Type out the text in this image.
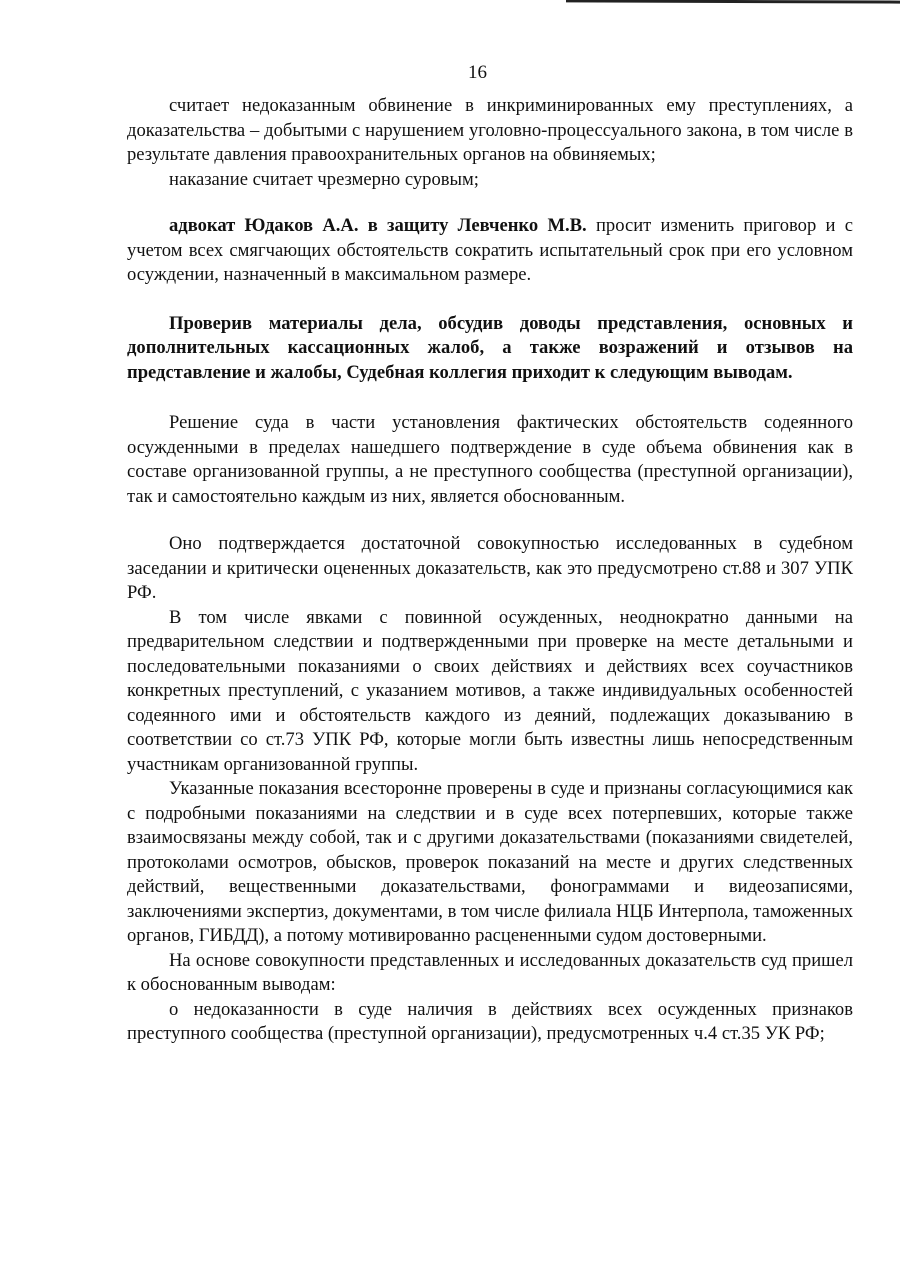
16

считает недоказанным обвинение в инкриминированных ему преступлениях, а доказательства – добытыми с нарушением уголовно-процессуального закона, в том числе в результате давления правоохранительных органов на обвиняемых;

наказание считает чрезмерно суровым;

адвокат Юдаков А.А. в защиту Левченко М.В. просит изменить приговор и с учетом всех смягчающих обстоятельств сократить испытательный срок при его условном осуждении, назначенный в максимальном размере.

Проверив материалы дела, обсудив доводы представления, основных и дополнительных кассационных жалоб, а также возражений и отзывов на представление и жалобы, Судебная коллегия приходит к следующим выводам.

Решение суда в части установления фактических обстоятельств содеянного осужденными в пределах нашедшего подтверждение в суде объема обвинения как в составе организованной группы, а не преступного сообщества (преступной организации), так и самостоятельно каждым из них, является обоснованным.

Оно подтверждается достаточной совокупностью исследованных в судебном заседании и критически оцененных доказательств, как это предусмотрено ст.88 и 307 УПК РФ.

В том числе явками с повинной осужденных, неоднократно данными на предварительном следствии и подтвержденными при проверке на месте детальными и последовательными показаниями о своих действиях и действиях всех соучастников конкретных преступлений, с указанием мотивов, а также индивидуальных особенностей содеянного ими и обстоятельств каждого из деяний, подлежащих доказыванию в соответствии со ст.73 УПК РФ, которые могли быть известны лишь непосредственным участникам организованной группы.

Указанные показания всесторонне проверены в суде и признаны согласующимися как с подробными показаниями на следствии и в суде всех потерпевших, которые также взаимосвязаны между собой, так и с другими доказательствами (показаниями свидетелей, протоколами осмотров, обысков, проверок показаний на месте и других следственных действий, вещественными доказательствами, фонограммами и видеозаписями, заключениями экспертиз, документами, в том числе филиала НЦБ Интерпола, таможенных органов, ГИБДД), а потому мотивированно расцененными судом достоверными.

На основе совокупности представленных и исследованных доказательств суд пришел к обоснованным выводам:

о недоказанности в суде наличия в действиях всех осужденных признаков преступного сообщества (преступной организации), предусмотренных ч.4 ст.35 УК РФ;
